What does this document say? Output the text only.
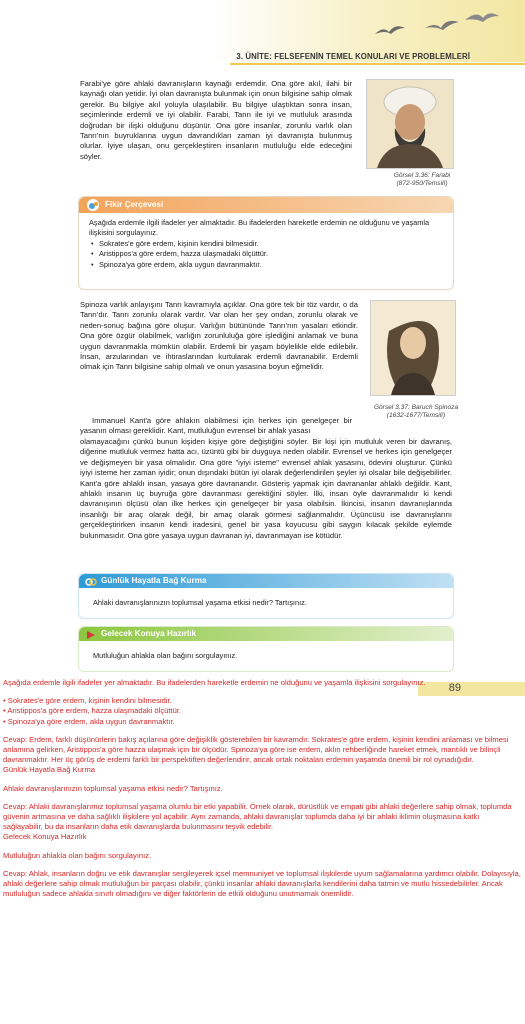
3. ÜNİTE: FELSEFENİN TEMEL KONULARI VE PROBLEMLERİ
Farabi'ye göre ahlaki davranışların kaynağı erdemdir. Ona göre akıl, ilahi bir kaynağı olan yetidir. İyi olan davranışta bulunmak için onun bilgisine sahip olmak gerekir. Bu bilgiye akıl yoluyla ulaşılabilir. Bu bilgiye ulaştıktan sonra insan, seçimlerinde erdemli ve iyi olabilir. Farabi, Tanrı ile iyi ve mutluluk arasında doğrudan bir ilişki olduğunu düşünür. Ona göre insanlar, zorunlu varlık olan Tanrı'nın buyruklarına uygun davrandıkları zaman iyi davranışta bulunmuş olurlar. İyiye ulaşan, onu gerçekleştiren insanların mutluluğu elde edeceğini söyler.
Görsel 3.36: Farabi
(872-950/Temsilî)
Fikir Çerçevesi
Aşağıda erdemle ilgili ifadeler yer almaktadır. Bu ifadelerden hareketle erdemin ne olduğunu ve yaşamla ilişkisini sorgulayınız.
• Sokrates'e göre erdem, kişinin kendini bilmesidir.
• Aristippos'a göre erdem, hazza ulaşmadaki ölçüttür.
• Spinoza'ya göre erdem, akla uygun davranmaktır.
Spinoza varlık anlayışını Tanrı kavramıyla açıklar. Ona göre tek bir töz vardır, o da Tanrı'dır. Tanrı zorunlu olarak vardır. Var olan her şey ondan, zorunlu olarak ve neden-sonuç bağına göre oluşur. Varlığın bütününde Tanrı'nın yasaları etkindir. Ona göre özgür olabilmek, varlığın zorunluluğa göre işlediğini anlamak ve buna uygun davranmakla mümkün olabilir. Erdemli bir yaşam böylelikle elde edilebilir. İnsan, arzularından ve ihtiraslarından kurtularak erdemli davranabilir. Erdemli olmak için Tanrı bilgisine sahip olmalı ve onun yasasına boyun eğmelidir.
Görsel 3.37: Baruch Spinoza
(1632-1677/Temsilî)
Immanuel Kant'a göre ahlakın olabilmesi için herkes için genelgeçer bir yasanın olması gereklidir. Kant, mutluluğun evrensel bir ahlak yasası
olamayacağını çünkü bunun kişiden kişiye göre değiştiğini söyler. Bir kişi için mutluluk veren bir davranış, diğerine mutluluk vermez hatta acı, üzüntü gibi bir duyguya neden olabilir. Evrensel ve herkes için genelgeçer ve değişmeyen bir yasa olmalıdır. Ona göre "iyiyi isteme" evrensel ahlak yasasını, ödevini oluşturur. Çünkü iyiyi isteme her zaman iyidir; onun dışındaki bütün iyi olarak değerlendirilen şeyler iyi olsalar bile değişebilirler. Kant'a göre ahlaklı insan, yasaya göre davranandır. Gösteriş yapmak için davrananlar ahlaklı değildir. Kant, ahlaklı insanın üç buyruğa göre davranması gerektiğini söyler. İlki, insan öyle davranmalıdır ki kendi davranışının ölçüsü olan ilke herkes için genelgeçer bir yasa olabilsin. İkincisi, insanın davranışlarında insanlığı bir araç olarak değil, bir amaç olarak görmesi sağlanmalıdır. Üçüncüsü ise davranışlarını gerçekleştirirken insanın kendi iradesini, genel bir yasa koyucusu gibi saygın kılacak şekilde eylemde bulunmasıdır. Ona göre yasaya uygun davranan iyi, davranmayan ise kötüdür.
Günlük Hayatla Bağ Kurma
Ahlaki davranışlarınızın toplumsal yaşama etkisi nedir? Tartışınız.
Gelecek Konuya Hazırlık
Mutluluğun ahlakla olan bağını sorgulayınız.
89
Aşağıda erdemle ilgili ifadeler yer almaktadır. Bu ifadelerden hareketle erdemin ne olduğunu ve yaşamla ilişkisini sorgulayınız.
• Sokrates'e göre erdem, kişinin kendini bilmesidir.
• Aristippos'a göre erdem, hazza ulaşmadaki ölçüttür.
• Spinoza'ya göre erdem, akla uygun davranmaktır.
Cevap: Erdem, farklı düşünürlerin bakış açılarına göre değişiklik gösterebilen bir kavramdır. Sokrates'e göre erdem, kişinin kendini anlaması ve bilmesi anlamına gelirken, Aristippos'a göre hazza ulaşmak için bir ölçüdür. Spinoza'ya göre ise erdem, aklın rehberliğinde hareket etmek, mantıklı ve bilinçli davranmaktır. Her üç görüş de erdemi farklı bir perspektiften değerlendirir, ancak ortak noktaları erdemin yaşamda önemli bir rol oynadığıdır.
Günlük Hayatla Bağ Kurma
Ahlaki davranışlarınızın toplumsal yaşama etkisi nedir? Tartışınız.
Cevap: Ahlaki davranışlarımız toplumsal yaşama olumlu bir etki yapabilir. Örnek olarak, dürüstlük ve empati gibi ahlaki değerlere sahip olmak, toplumda güvenin artmasına ve daha sağlıklı ilişkilere yol açabilir. Aynı zamanda, ahlaki davranışlar toplumda daha iyi bir ahlaki iklimin oluşmasına katkı sağlayabilir, bu da insanların daha etik davranışlarda bulunmasını teşvik edebilir.
Gelecek Konuya Hazırlık
Mutluluğun ahlakla olan bağını sorgulayınız.
Cevap: Ahlak, insanların doğru ve etik davranışlar sergileyerek içsel memnuniyet ve toplumsal ilişkilerde uyum sağlamalarına yardımcı olabilir. Dolayısıyla, ahlaki değerlere sahip olmak mutluluğun bir parçası olabilir, çünkü insanlar ahlaki davranışlarla kendilerini daha tatmin ve mutlu hissedebilirler. Ancak mutluluğun sadece ahlakla sınırlı olmadığını ve diğer faktörlerin de etkili olduğunu unutmamak önemlidir.
